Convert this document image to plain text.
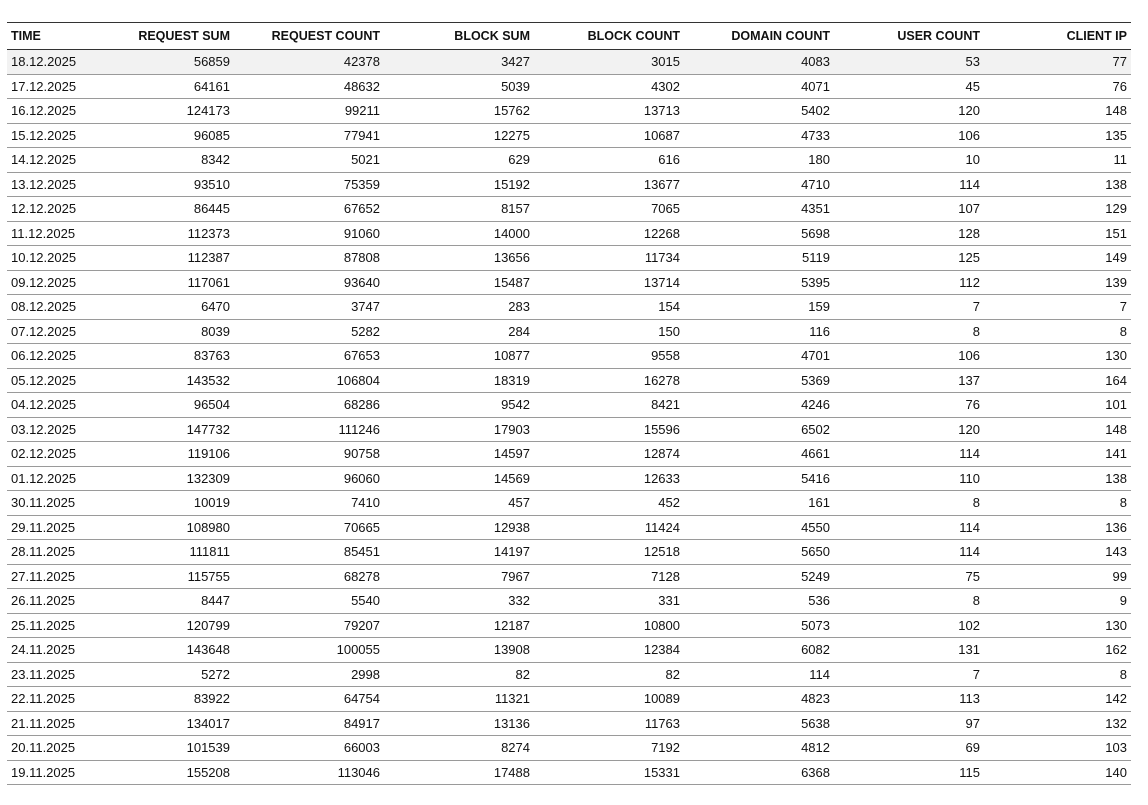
TIME	REQUEST SUM	REQUEST COUNT	BLOCK SUM	BLOCK COUNT	DOMAIN COUNT	USER COUNT	CLIENT IP
18.12.2025	56859	42378	3427	3015	4083	53	77
17.12.2025	64161	48632	5039	4302	4071	45	76
16.12.2025	124173	99211	15762	13713	5402	120	148
15.12.2025	96085	77941	12275	10687	4733	106	135
14.12.2025	8342	5021	629	616	180	10	11
13.12.2025	93510	75359	15192	13677	4710	114	138
12.12.2025	86445	67652	8157	7065	4351	107	129
11.12.2025	112373	91060	14000	12268	5698	128	151
10.12.2025	112387	87808	13656	11734	5119	125	149
09.12.2025	117061	93640	15487	13714	5395	112	139
08.12.2025	6470	3747	283	154	159	7	7
07.12.2025	8039	5282	284	150	116	8	8
06.12.2025	83763	67653	10877	9558	4701	106	130
05.12.2025	143532	106804	18319	16278	5369	137	164
04.12.2025	96504	68286	9542	8421	4246	76	101
03.12.2025	147732	111246	17903	15596	6502	120	148
02.12.2025	119106	90758	14597	12874	4661	114	141
01.12.2025	132309	96060	14569	12633	5416	110	138
30.11.2025	10019	7410	457	452	161	8	8
29.11.2025	108980	70665	12938	11424	4550	114	136
28.11.2025	111811	85451	14197	12518	5650	114	143
27.11.2025	115755	68278	7967	7128	5249	75	99
26.11.2025	8447	5540	332	331	536	8	9
25.11.2025	120799	79207	12187	10800	5073	102	130
24.11.2025	143648	100055	13908	12384	6082	131	162
23.11.2025	5272	2998	82	82	114	7	8
22.11.2025	83922	64754	11321	10089	4823	113	142
21.11.2025	134017	84917	13136	11763	5638	97	132
20.11.2025	101539	66003	8274	7192	4812	69	103
19.11.2025	155208	113046	17488	15331	6368	115	140
